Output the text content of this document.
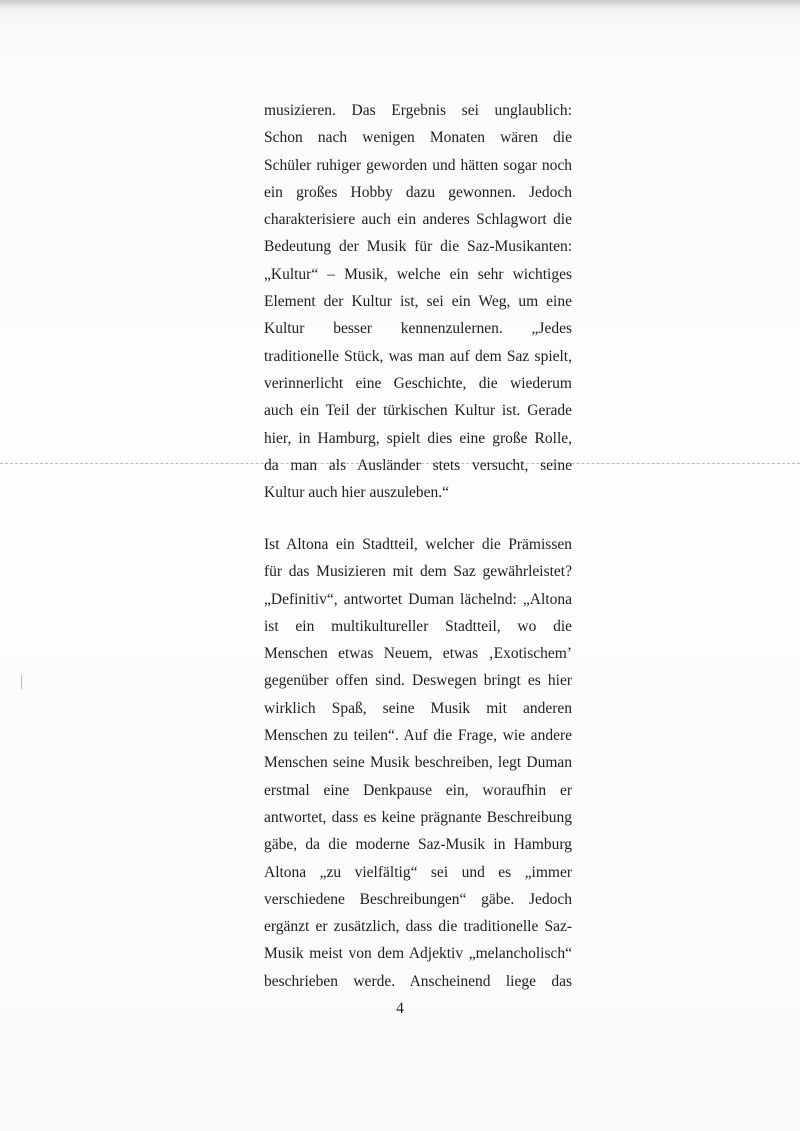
musizieren. Das Ergebnis sei unglaublich:
Schon nach wenigen Monaten wären die
Schüler ruhiger geworden und hätten sogar noch
ein großes Hobby dazu gewonnen. Jedoch
charakterisiere auch ein anderes Schlagwort die
Bedeutung der Musik für die Saz-Musikanten:
„Kultur“ – Musik, welche ein sehr wichtiges
Element der Kultur ist, sei ein Weg, um eine
Kultur besser kennenzulernen. „Jedes
traditionelle Stück, was man auf dem Saz spielt,
verinnerlicht eine Geschichte, die wiederum
auch ein Teil der türkischen Kultur ist. Gerade
hier, in Hamburg, spielt dies eine große Rolle,
da man als Ausländer stets versucht, seine
Kultur auch hier auszuleben.“
Ist Altona ein Stadtteil, welcher die Prämissen
für das Musizieren mit dem Saz gewährleistet?
„Definitiv“, antwortet Duman lächelnd: „Altona
ist ein multikultureller Stadtteil, wo die
Menschen etwas Neuem, etwas ‚Exotischem’
gegenüber offen sind. Deswegen bringt es hier
wirklich Spaß, seine Musik mit anderen
Menschen zu teilen“. Auf die Frage, wie andere
Menschen seine Musik beschreiben, legt Duman
erstmal eine Denkpause ein, woraufhin er
antwortet, dass es keine prägnante Beschreibung
gäbe, da die moderne Saz-Musik in Hamburg
Altona „zu vielfältig“ sei und es „immer
verschiedene Beschreibungen“ gäbe. Jedoch
ergänzt er zusätzlich, dass die traditionelle Saz-
Musik meist von dem Adjektiv „melancholisch“
beschrieben werde. Anscheinend liege das
4
